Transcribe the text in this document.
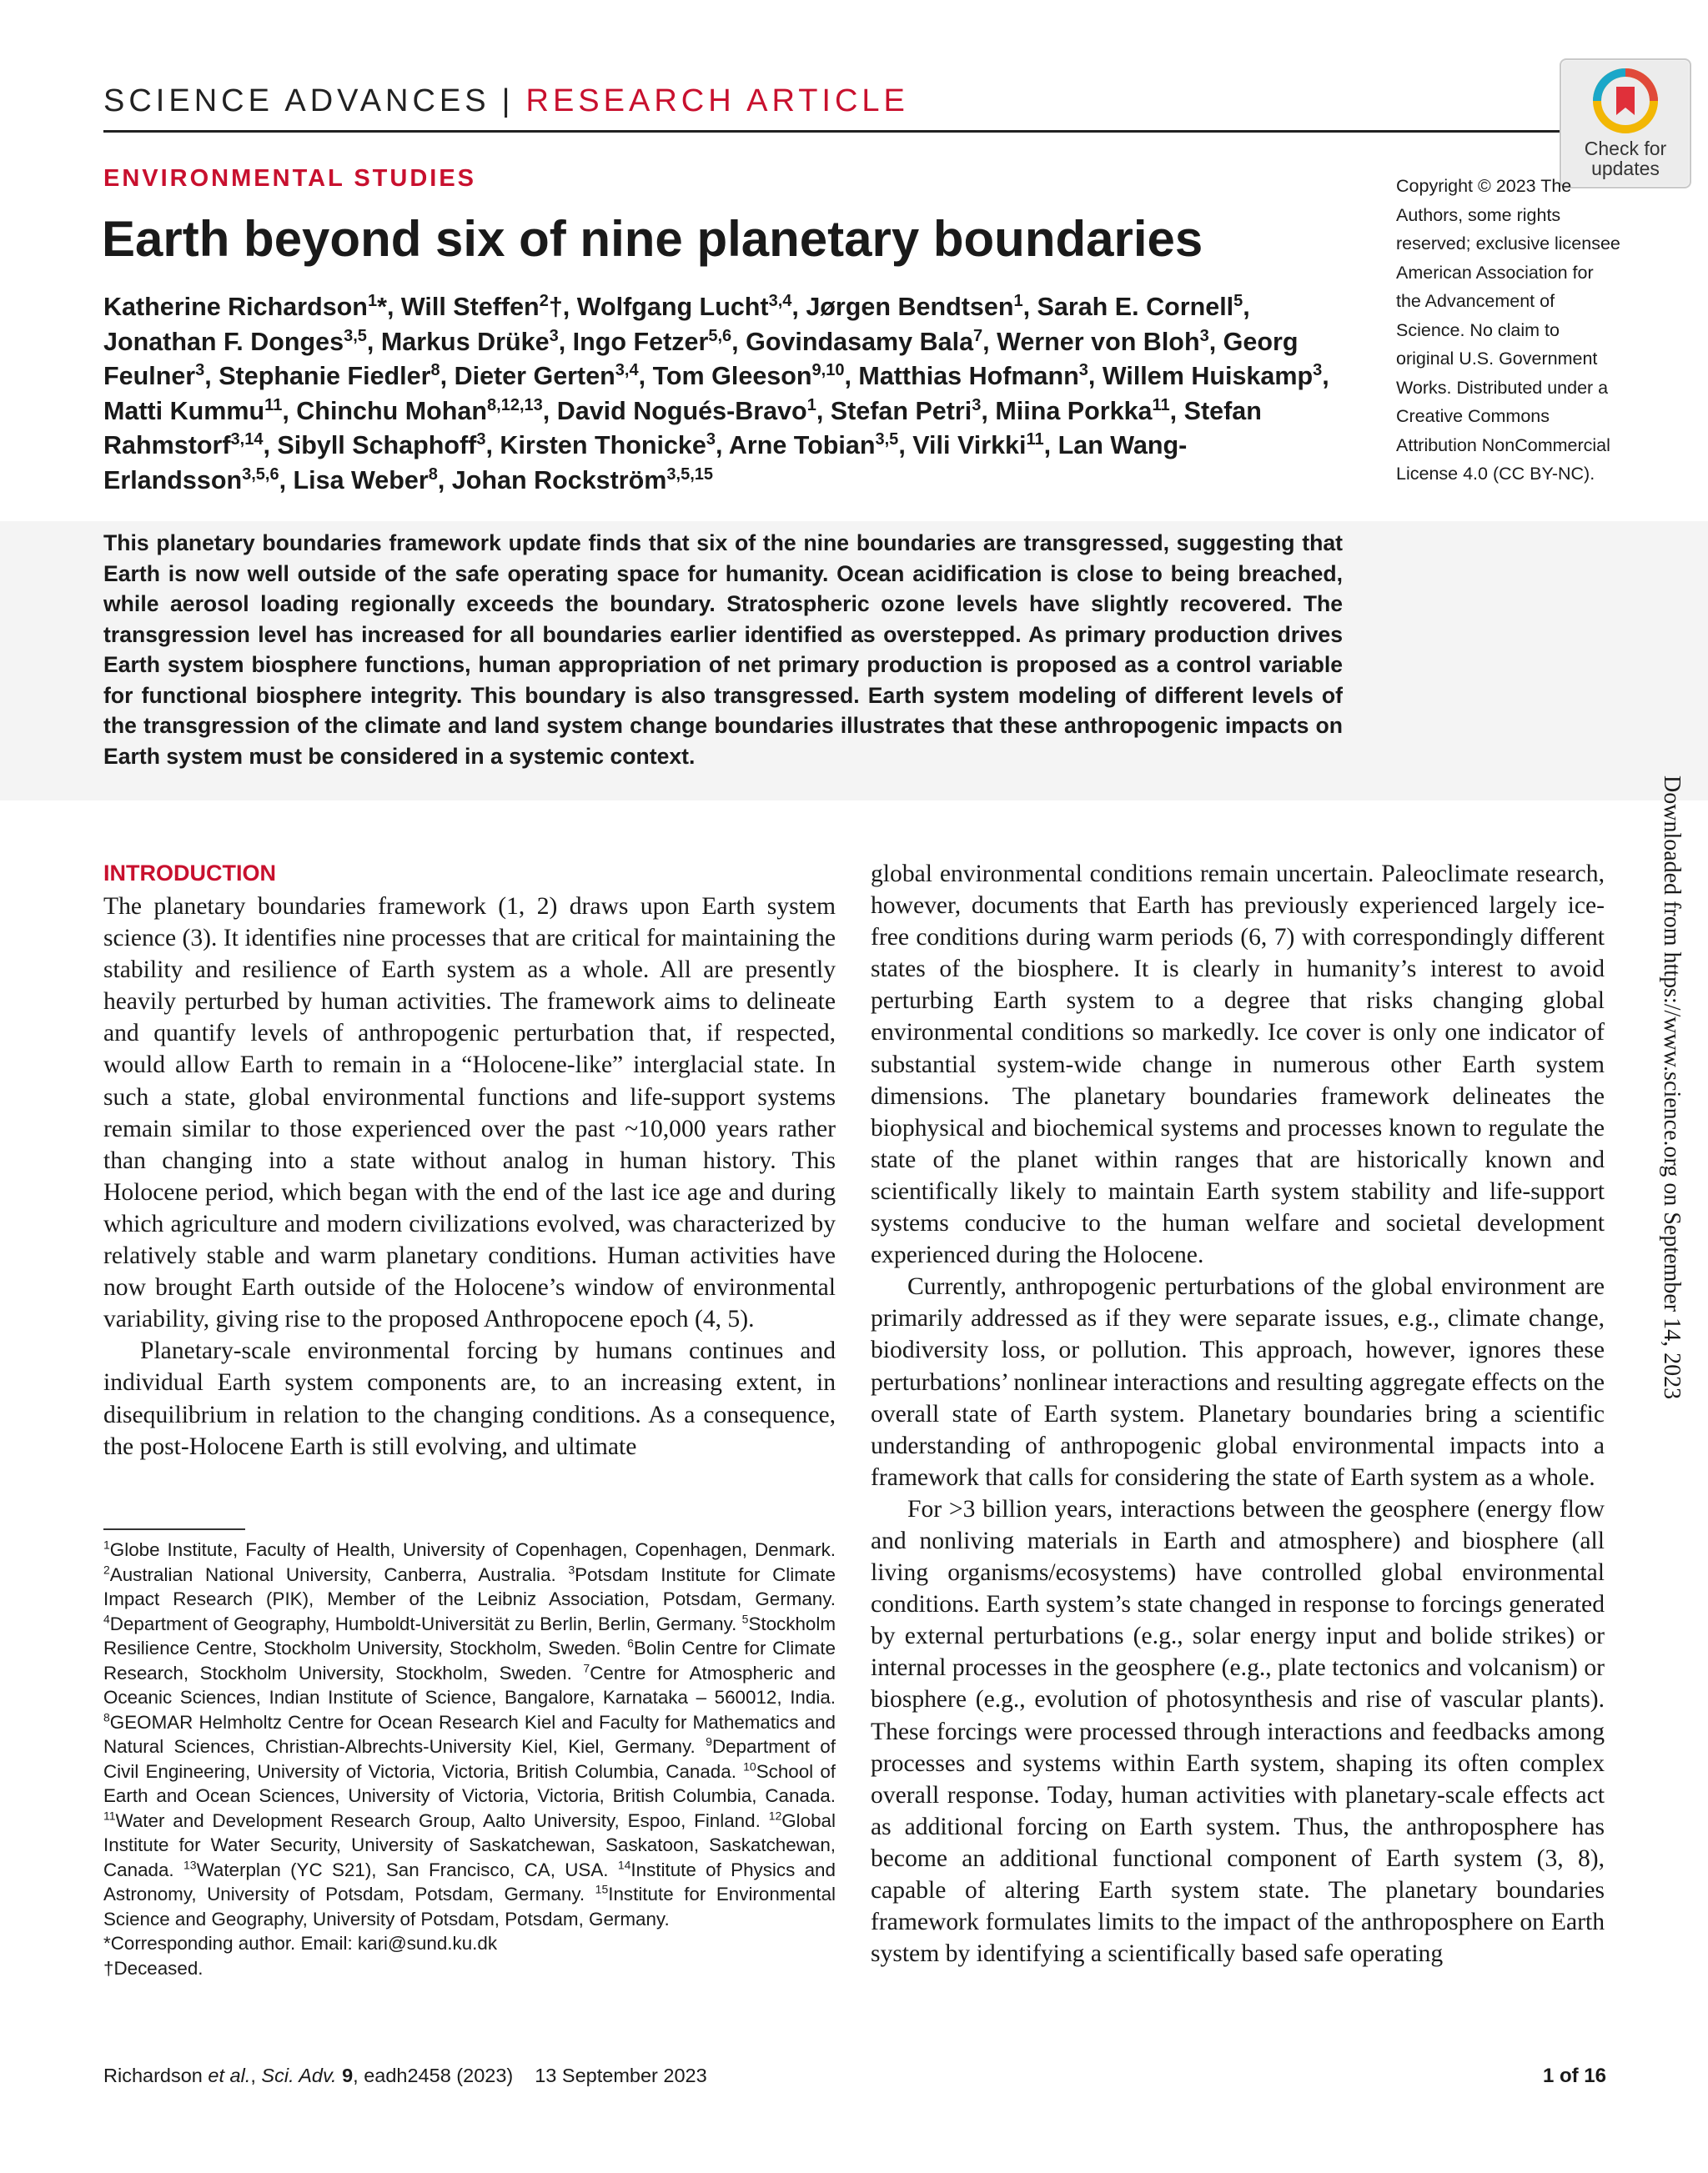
SCIENCE ADVANCES | RESEARCH ARTICLE
Check for
updates
ENVIRONMENTAL STUDIES
Earth beyond six of nine planetary boundaries
Katherine Richardson$^1$*, Will Steffen$^2$†, Wolfgang Lucht$^{3,4}$, Jørgen Bendtsen$^1$, Sarah E. Cornell$^5$, Jonathan F. Donges$^{3,5}$, Markus Drüke$^3$, Ingo Fetzer$^{5,6}$, Govindasamy Bala$^7$, Werner von Bloh$^3$, Georg Feulner$^3$, Stephanie Fiedler$^8$, Dieter Gerten$^{3,4}$, Tom Gleeson$^{9,10}$, Matthias Hofmann$^3$, Willem Huiskamp$^3$, Matti Kummu$^{11}$, Chinchu Mohan$^{8,12,13}$, David Nogués-Bravo$^1$, Stefan Petri$^3$, Miina Porkka$^{11}$, Stefan Rahmstorf$^{3,14}$, Sibyll Schaphoff$^3$, Kirsten Thonicke$^3$, Arne Tobian$^{3,5}$, Vili Virkki$^{11}$, Lan Wang-Erlandsson$^{3,5,6}$, Lisa Weber$^8$, Johan Rockström$^{3,5,15}$
Copyright © 2023 The Authors, some rights reserved; exclusive licensee American Association for the Advancement of Science. No claim to original U.S. Government Works. Distributed under a Creative Commons Attribution NonCommercial License 4.0 (CC BY-NC).
This planetary boundaries framework update finds that six of the nine boundaries are transgressed, suggesting that Earth is now well outside of the safe operating space for humanity. Ocean acidification is close to being breached, while aerosol loading regionally exceeds the boundary. Stratospheric ozone levels have slightly recovered. The transgression level has increased for all boundaries earlier identified as overstepped. As primary production drives Earth system biosphere functions, human appropriation of net primary production is proposed as a control variable for functional biosphere integrity. This boundary is also transgressed. Earth system modeling of different levels of the transgression of the climate and land system change boundaries illustrates that these anthropogenic impacts on Earth system must be considered in a systemic context.
INTRODUCTION

The planetary boundaries framework (1, 2) draws upon Earth system science (3). It identifies nine processes that are critical for maintaining the stability and resilience of Earth system as a whole. All are presently heavily perturbed by human activities. The framework aims to delineate and quantify levels of anthropogenic perturbation that, if respected, would allow Earth to remain in a “Holocene-like” interglacial state. In such a state, global environmental functions and life-support systems remain similar to those experienced over the past ~10,000 years rather than changing into a state without analog in human history. This Holocene period, which began with the end of the last ice age and during which agriculture and modern civilizations evolved, was characterized by relatively stable and warm planetary conditions. Human activities have now brought Earth outside of the Holocene’s window of environmental variability, giving rise to the proposed Anthropocene epoch (4, 5).

Planetary-scale environmental forcing by humans continues and individual Earth system components are, to an increasing extent, in disequilibrium in relation to the changing conditions. As a consequence, the post-Holocene Earth is still evolving, and ultimate

global environmental conditions remain uncertain. Paleoclimate research, however, documents that Earth has previously experienced largely ice-free conditions during warm periods (6, 7) with correspondingly different states of the biosphere. It is clearly in humanity’s interest to avoid perturbing Earth system to a degree that risks changing global environmental conditions so markedly. Ice cover is only one indicator of substantial system-wide change in numerous other Earth system dimensions. The planetary boundaries framework delineates the biophysical and biochemical systems and processes known to regulate the state of the planet within ranges that are historically known and scientifically likely to maintain Earth system stability and life-support systems conducive to the human welfare and societal development experienced during the Holocene.

Currently, anthropogenic perturbations of the global environment are primarily addressed as if they were separate issues, e.g., climate change, biodiversity loss, or pollution. This approach, however, ignores these perturbations’ nonlinear interactions and resulting aggregate effects on the overall state of Earth system. Planetary boundaries bring a scientific understanding of anthropogenic global environmental impacts into a framework that calls for considering the state of Earth system as a whole.

For >3 billion years, interactions between the geosphere (energy flow and nonliving materials in Earth and atmosphere) and biosphere (all living organisms/ecosystems) have controlled global environmental conditions. Earth system’s state changed in response to forcings generated by external perturbations (e.g., solar energy input and bolide strikes) or internal processes in the geosphere (e.g., plate tectonics and volcanism) or biosphere (e.g., evolution of photosynthesis and rise of vascular plants). These forcings were processed through interactions and feedbacks among processes and systems within Earth system, shaping its often complex overall response. Today, human activities with planetary-scale effects act as additional forcing on Earth system. Thus, the anthroposphere has become an additional functional component of Earth system (3, 8), capable of altering Earth system state. The planetary boundaries framework formulates limits to the impact of the anthroposphere on Earth system by identifying a scientifically based safe operating

$^1$Globe Institute, Faculty of Health, University of Copenhagen, Copenhagen, Denmark. $^2$Australian National University, Canberra, Australia. $^3$Potsdam Institute for Climate Impact Research (PIK), Member of the Leibniz Association, Potsdam, Germany. $^4$Department of Geography, Humboldt-Universität zu Berlin, Berlin, Germany. $^5$Stockholm Resilience Centre, Stockholm University, Stockholm, Sweden. $^6$Bolin Centre for Climate Research, Stockholm University, Stockholm, Sweden. $^7$Centre for Atmospheric and Oceanic Sciences, Indian Institute of Science, Bangalore, Karnataka – 560012, India. $^8$GEOMAR Helmholtz Centre for Ocean Research Kiel and Faculty for Mathematics and Natural Sciences, Christian-Albrechts-University Kiel, Kiel, Germany. $^9$Department of Civil Engineering, University of Victoria, Victoria, British Columbia, Canada. $^{10}$School of Earth and Ocean Sciences, University of Victoria, Victoria, British Columbia, Canada. $^{11}$Water and Development Research Group, Aalto University, Espoo, Finland. $^{12}$Global Institute for Water Security, University of Saskatchewan, Saskatoon, Saskatchewan, Canada. $^{13}$Waterplan (YC S21), San Francisco, CA, USA. $^{14}$Institute of Physics and Astronomy, University of Potsdam, Potsdam, Germany. $^{15}$Institute for Environmental Science and Geography, University of Potsdam, Potsdam, Germany.
*Corresponding author. Email: kari@sund.ku.dk
†Deceased.
Downloaded from https://www.science.org on September 14, 2023
Richardson et al., Sci. Adv. 9, eadh2458 (2023) 13 September 2023	1 of 16
